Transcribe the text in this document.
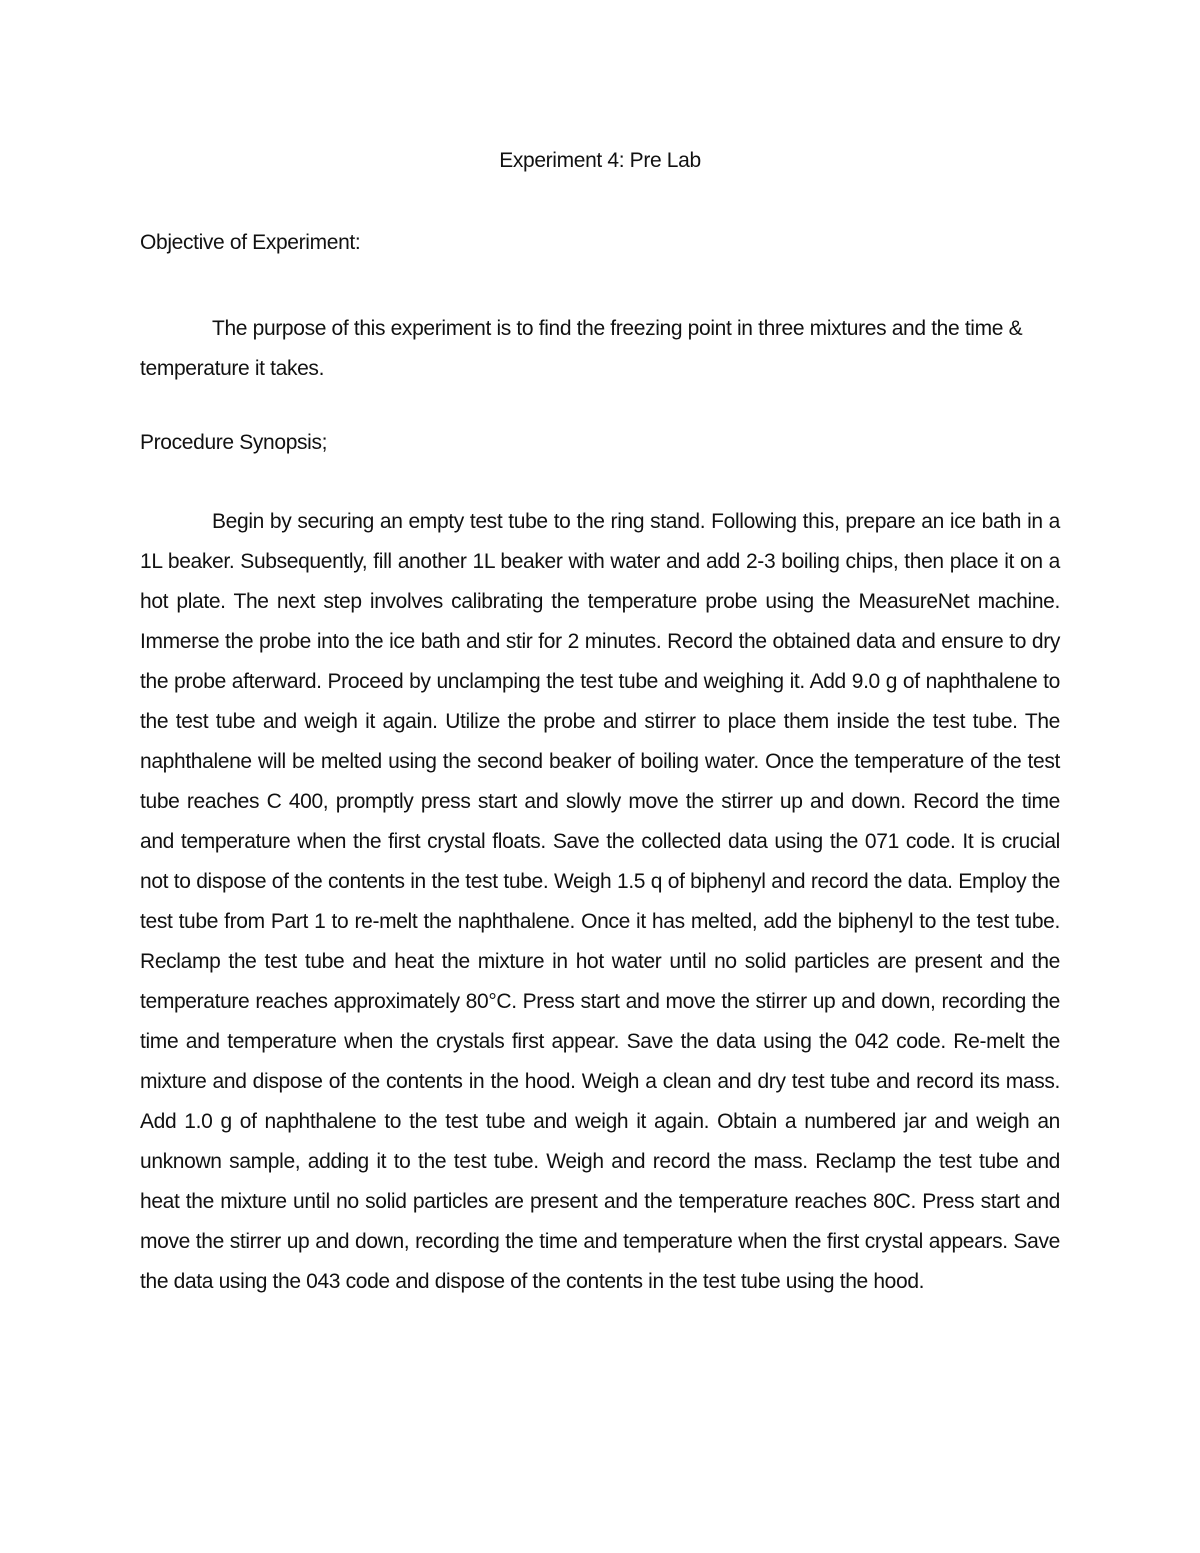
Experiment 4: Pre Lab
Objective of Experiment:

The purpose of this experiment is to find the freezing point in three mixtures and the time & temperature it takes.

Procedure Synopsis;

Begin by securing an empty test tube to the ring stand. Following this, prepare an ice bath in a 1L beaker. Subsequently, fill another 1L beaker with water and add 2-3 boiling chips, then place it on a hot plate. The next step involves calibrating the temperature probe using the MeasureNet machine. Immerse the probe into the ice bath and stir for 2 minutes. Record the obtained data and ensure to dry the probe afterward. Proceed by unclamping the test tube and weighing it. Add 9.0 g of naphthalene to the test tube and weigh it again. Utilize the probe and stirrer to place them inside the test tube. The naphthalene will be melted using the second beaker of boiling water. Once the temperature of the test tube reaches C 400, promptly press start and slowly move the stirrer up and down. Record the time and temperature when the first crystal floats. Save the collected data using the 071 code. It is crucial not to dispose of the contents in the test tube. Weigh 1.5 q of biphenyl and record the data. Employ the test tube from Part 1 to re-melt the naphthalene. Once it has melted, add the biphenyl to the test tube. Reclamp the test tube and heat the mixture in hot water until no solid particles are present and the temperature reaches approximately 80°C. Press start and move the stirrer up and down, recording the time and temperature when the crystals first appear. Save the data using the 042 code. Re-melt the mixture and dispose of the contents in the hood. Weigh a clean and dry test tube and record its mass. Add 1.0 g of naphthalene to the test tube and weigh it again. Obtain a numbered jar and weigh an unknown sample, adding it to the test tube. Weigh and record the mass. Reclamp the test tube and heat the mixture until no solid particles are present and the temperature reaches 80C. Press start and move the stirrer up and down, recording the time and temperature when the first crystal appears. Save the data using the 043 code and dispose of the contents in the test tube using the hood.
